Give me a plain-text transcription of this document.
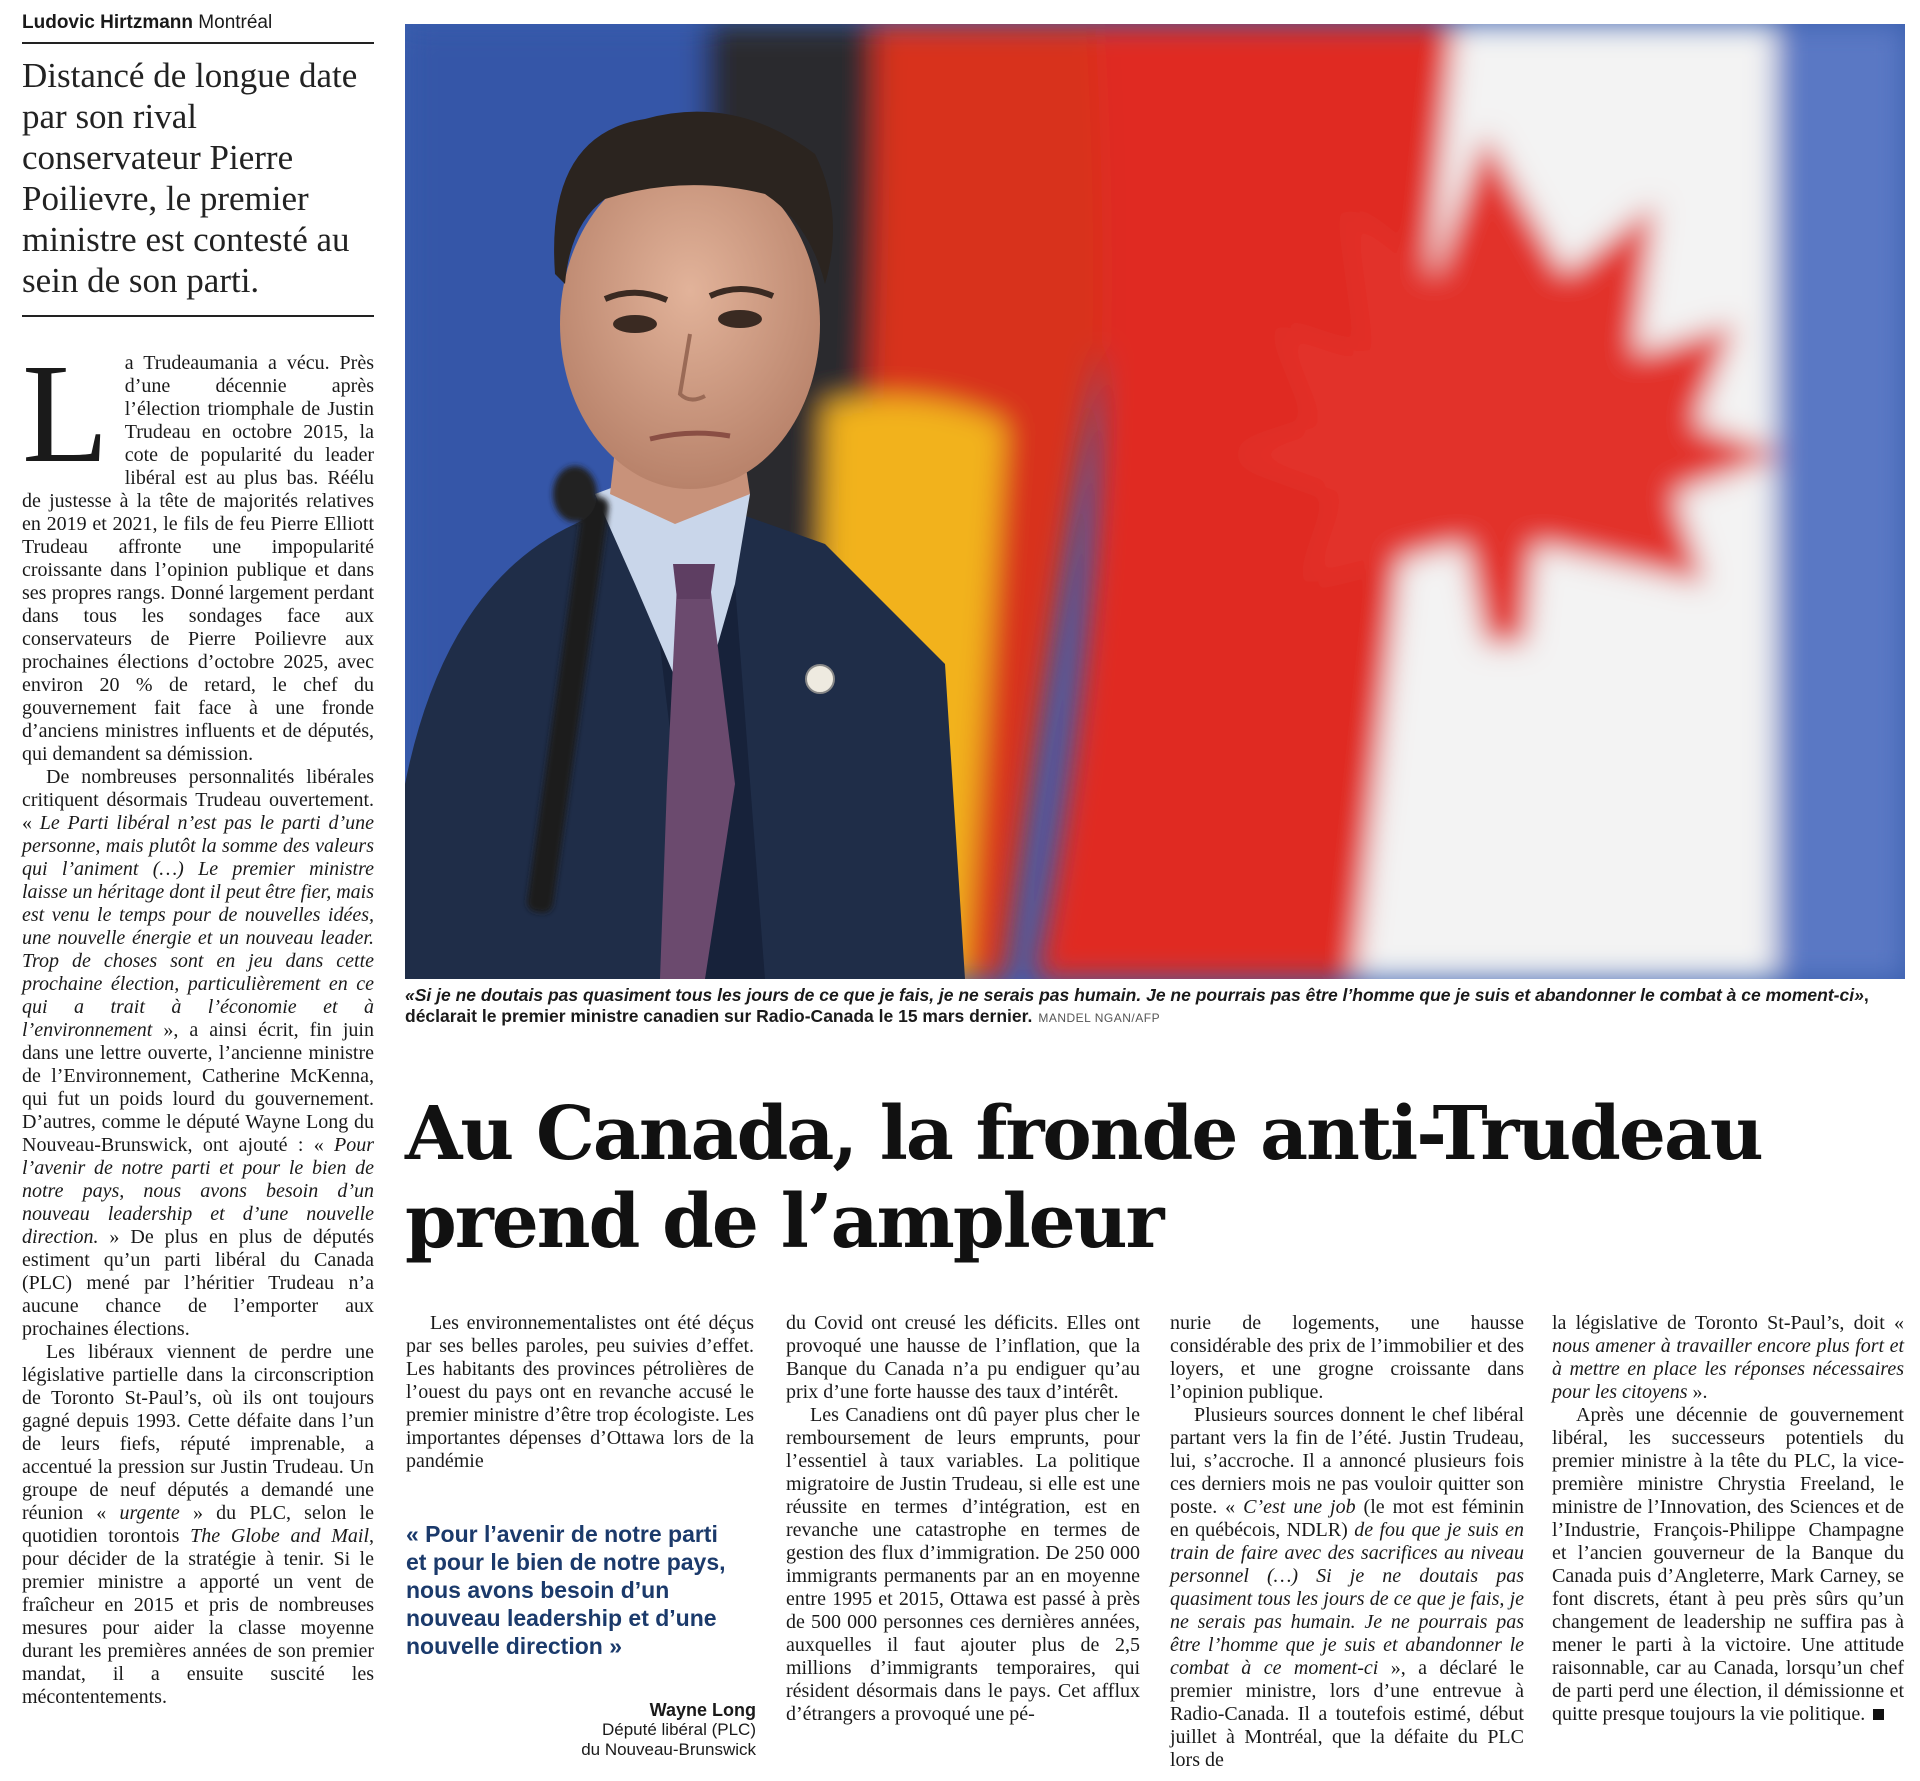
Ludovic Hirtzmann Montréal
Distancé de longue date par son rival conservateur Pierre Poilievre, le premier ministre est contesté au sein de son parti.

La Trudeaumania a vécu. Près d’une décennie après l’élection triomphale de Justin Trudeau en octobre 2015, la cote de popularité du leader libéral est au plus bas. Réélu de justesse à la tête de majorités relatives en 2019 et 2021, le fils de feu Pierre Elliott Trudeau affronte une impopularité croissante dans l’opinion publique et dans ses propres rangs. Donné largement perdant dans tous les sondages face aux conservateurs de Pierre Poilievre aux prochaines élections d’octobre 2025, avec environ 20 % de retard, le chef du gouvernement fait face à une fronde d’anciens ministres influents et de députés, qui demandent sa démission.

De nombreuses personnalités libérales critiquent désormais Trudeau ouvertement. « Le Parti libéral n’est pas le parti d’une personne, mais plutôt la somme des valeurs qui l’animent (…) Le premier ministre laisse un héritage dont il peut être fier, mais est venu le temps pour de nouvelles idées, une nouvelle énergie et un nouveau leader. Trop de choses sont en jeu dans cette prochaine élection, particulièrement en ce qui a trait à l’économie et à l’environnement », a ainsi écrit, fin juin dans une lettre ouverte, l’ancienne ministre de l’Environnement, Catherine McKenna, qui fut un poids lourd du gouvernement. D’autres, comme le député Wayne Long du Nouveau-Brunswick, ont ajouté : « Pour l’avenir de notre parti et pour le bien de notre pays, nous avons besoin d’un nouveau leadership et d’une nouvelle direction. » De plus en plus de députés estiment qu’un parti libéral du Canada (PLC) mené par l’héritier Trudeau n’a aucune chance de l’emporter aux prochaines élections.

Les libéraux viennent de perdre une législative partielle dans la circonscription de Toronto St-Paul’s, où ils ont toujours gagné depuis 1993. Cette défaite dans l’un de leurs fiefs, réputé imprenable, a accentué la pression sur Justin Trudeau. Un groupe de neuf députés a demandé une réunion « urgente » du PLC, selon le quotidien torontois The Globe and Mail, pour décider de la stratégie à tenir. Si le premier ministre a apporté un vent de fraîcheur en 2015 et pris de nombreuses mesures pour aider la classe moyenne durant les premières années de son premier mandat, il a ensuite suscité les mécontentements.

«Si je ne doutais pas quasiment tous les jours de ce que je fais, je ne serais pas humain. Je ne pourrais pas être l’homme que je suis et abandonner le combat à ce moment-ci», déclarait le premier ministre canadien sur Radio-Canada le 15 mars dernier. MANDEL NGAN/AFP
Au Canada, la fronde anti-Trudeau prend de l’ampleur

Les environnementalistes ont été déçus par ses belles paroles, peu suivies d’effet. Les habitants des provinces pétrolières de l’ouest du pays ont en revanche accusé le premier ministre d’être trop écologiste. Les importantes dépenses d’Ottawa lors de la pandémie

« Pour l’avenir de notre parti et pour le bien de notre pays, nous avons besoin d’un nouveau leadership et d’une nouvelle direction »
Wayne Long
Député libéral (PLC)
du Nouveau-Brunswick

du Covid ont creusé les déficits. Elles ont provoqué une hausse de l’inflation, que la Banque du Canada n’a pu endiguer qu’au prix d’une forte hausse des taux d’intérêt.

Les Canadiens ont dû payer plus cher le remboursement de leurs emprunts, pour l’essentiel à taux variables. La politique migratoire de Justin Trudeau, si elle est une réussite en termes d’intégration, est en revanche une catastrophe en termes de gestion des flux d’immigration. De 250 000 immigrants permanents par an en moyenne entre 1995 et 2015, Ottawa est passé à près de 500 000 personnes ces dernières années, auxquelles il faut ajouter plus de 2,5 millions d’immigrants temporaires, qui résident désormais dans le pays. Cet afflux d’étrangers a provoqué une pé-

nurie de logements, une hausse considérable des prix de l’immobilier et des loyers, et une grogne croissante dans l’opinion publique.

Plusieurs sources donnent le chef libéral partant vers la fin de l’été. Justin Trudeau, lui, s’accroche. Il a annoncé plusieurs fois ces derniers mois ne pas vouloir quitter son poste. « C’est une job (le mot est féminin en québécois, NDLR) de fou que je suis en train de faire avec des sacrifices au niveau personnel (…) Si je ne doutais pas quasiment tous les jours de ce que je fais, je ne serais pas humain. Je ne pourrais pas être l’homme que je suis et abandonner le combat à ce moment-ci », a déclaré le premier ministre, lors d’une entrevue à Radio-Canada. Il a toutefois estimé, début juillet à Montréal, que la défaite du PLC lors de

la législative de Toronto St-Paul’s, doit « nous amener à travailler encore plus fort et à mettre en place les réponses nécessaires pour les citoyens ».

Après une décennie de gouvernement libéral, les successeurs potentiels du premier ministre à la tête du PLC, la vice-première ministre Chrystia Freeland, le ministre de l’Innovation, des Sciences et de l’Industrie, François-Philippe Champagne et l’ancien gouverneur de la Banque du Canada puis d’Angleterre, Mark Carney, se font discrets, étant à peu près sûrs qu’un changement de leadership ne suffira pas à mener le parti à la victoire. Une attitude raisonnable, car au Canada, lorsqu’un chef de parti perd une élection, il démissionne et quitte presque toujours la vie politique.
